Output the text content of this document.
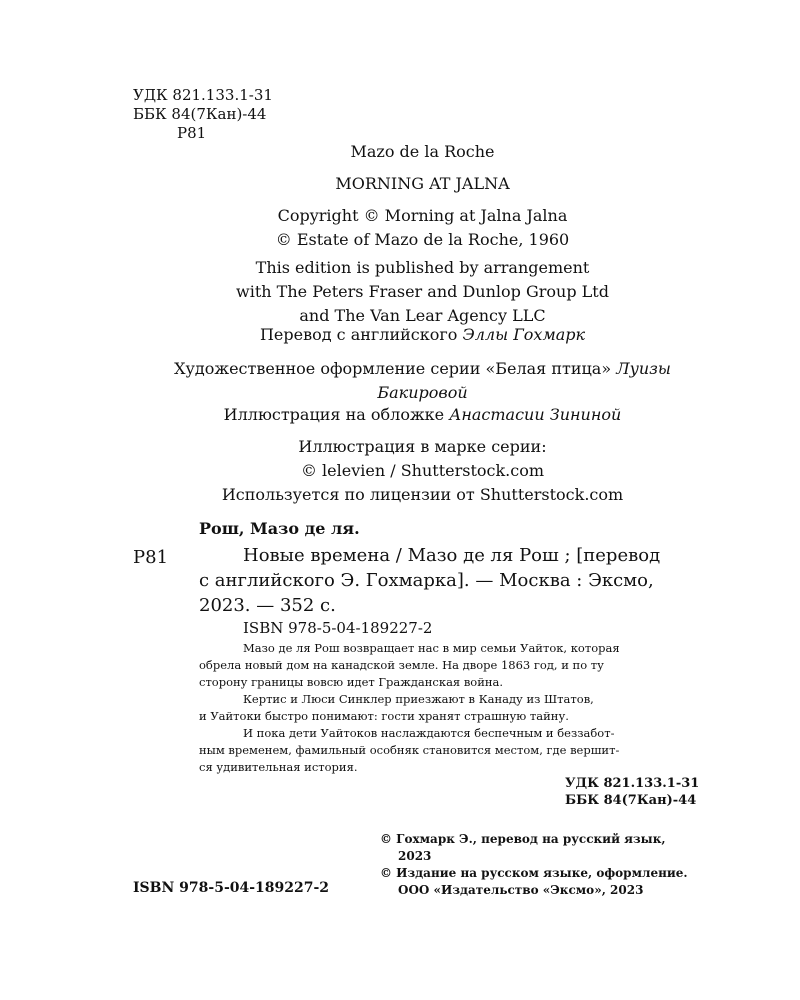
УДК 821.133.1-31
ББК 84(7Кан)-44
Р81
Mazo de la Roche
MORNING AT JALNA
Copyright © Morning at Jalna Jalna
© Estate of Mazo de la Roche, 1960
This edition is published by arrangement
with The Peters Fraser and Dunlop Group Ltd
and The Van Lear Agency LLC
Перевод с английского Эллы Гохмарк
Художественное оформление серии «Белая птица» Луизы
Бакировой
Иллюстрация на обложке Анастасии Зининой
Иллюстрация в марке серии:
© lelevien / Shutterstock.com
Используется по лицензии от Shutterstock.com
Рош, Мазо де ля.
Р81	Новые времена / Мазо де ля Рош ; [перевод
с английского Э. Гохмарка]. — Москва : Эксмо,
2023. — 352 с.
ISBN 978-5-04-189227-2
Мазо де ля Рош возвращает нас в мир семьи Уайток, которая
обрела новый дом на канадской земле. На дворе 1863 год, и по ту
сторону границы вовсю идет Гражданская война.
Кертис и Люси Синклер приезжают в Канаду из Штатов,
и Уайтоки быстро понимают: гости хранят страшную тайну.
И пока дети Уайтоков наслаждаются беспечным и беззабот-
ным временем, фамильный особняк становится местом, где вершит-
ся удивительная история.
УДК 821.133.1-31
ББК 84(7Кан)-44
© Гохмарк Э., перевод на русский язык,
2023
© Издание на русском языке, оформление.
ООО «Издательство «Эксмо», 2023
ISBN 978-5-04-189227-2
